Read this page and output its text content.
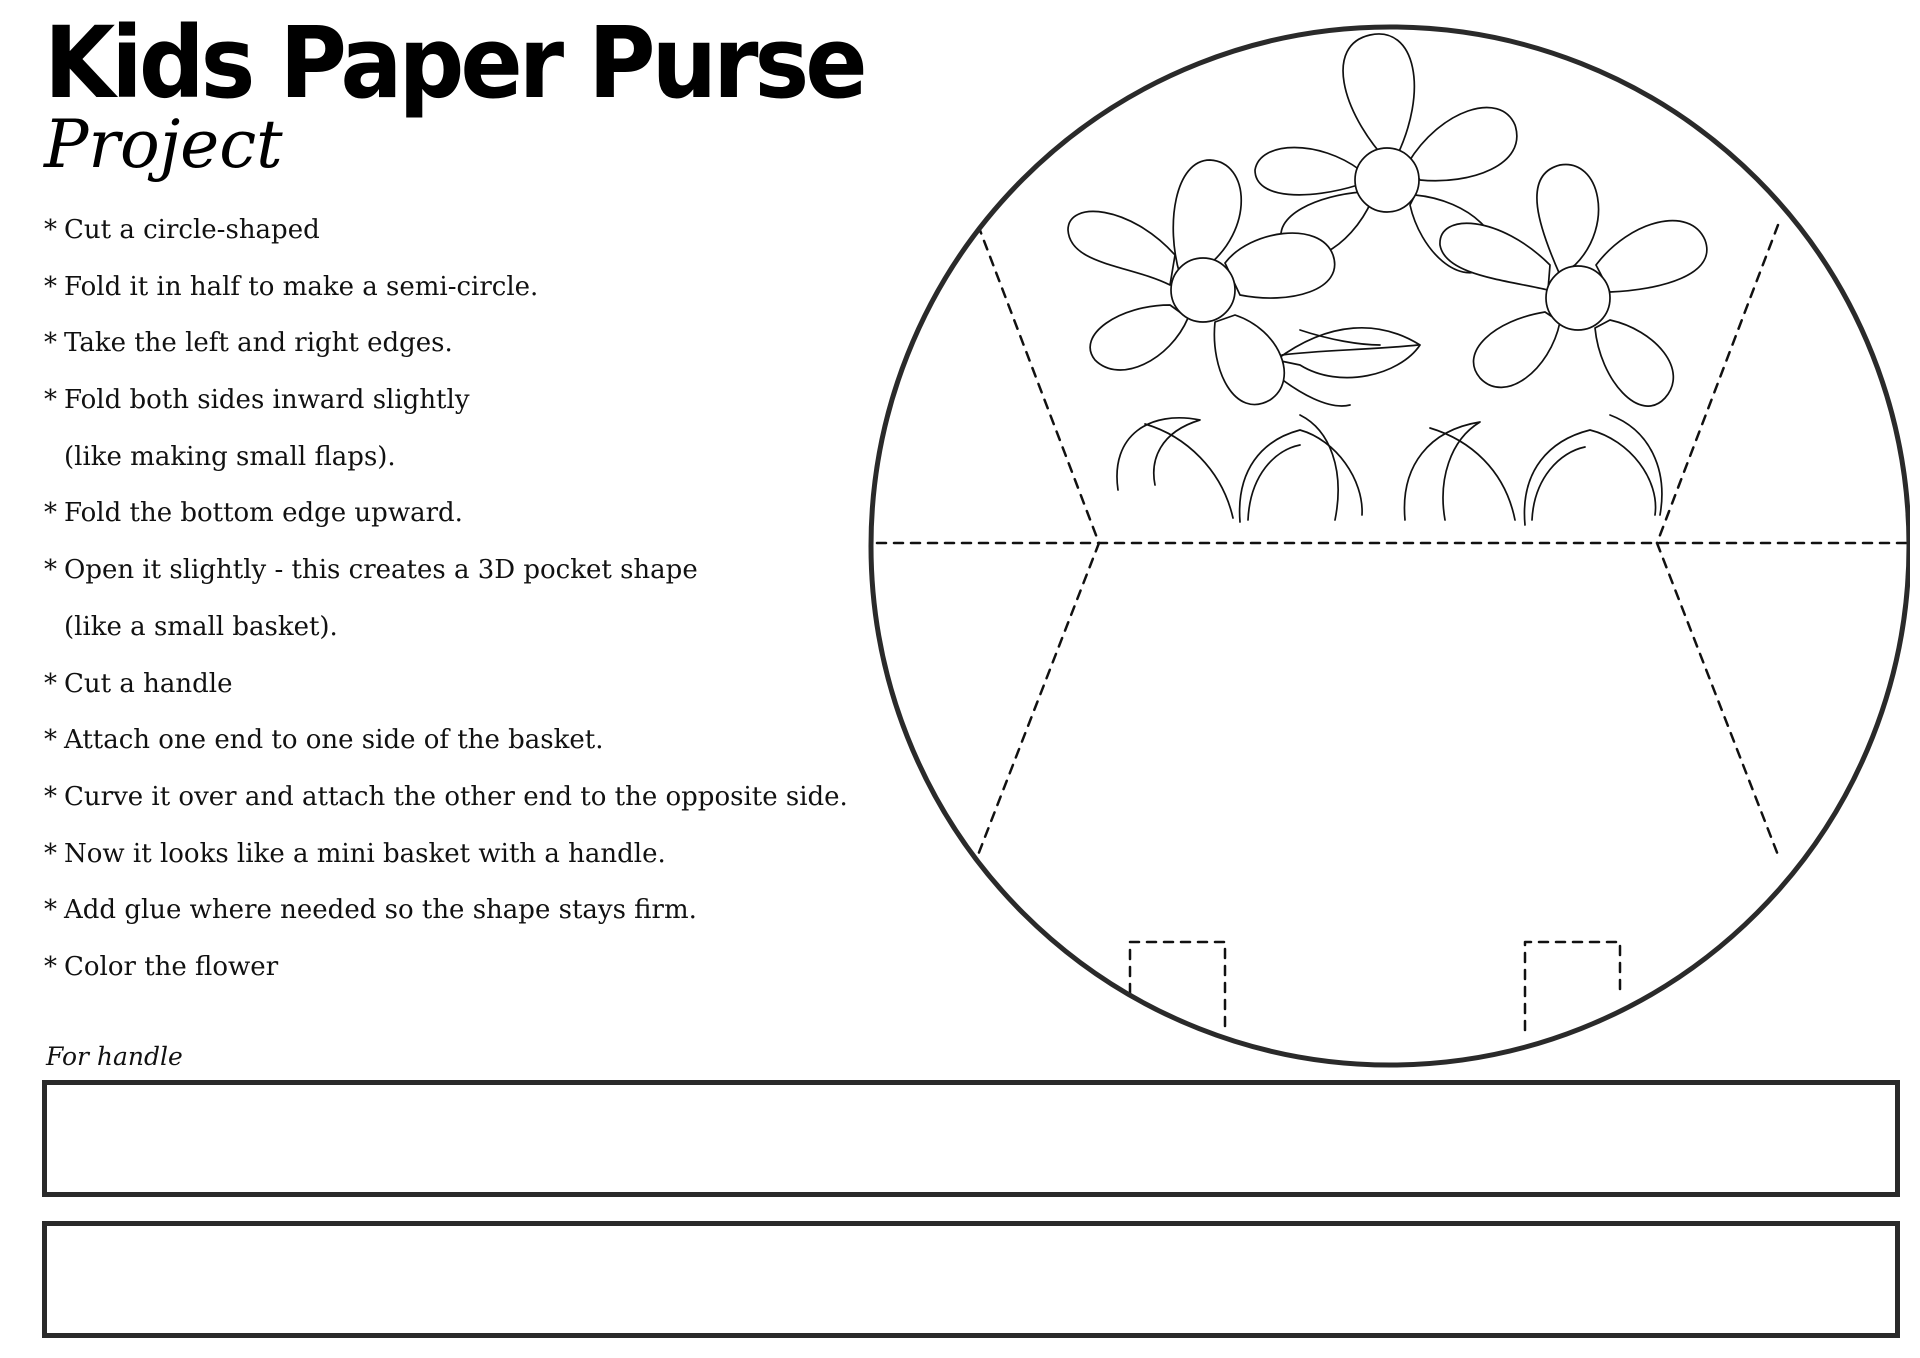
Kids Paper Purse
Project
* Cut a circle-shaped
* Fold it in half to make a semi-circle.
* Take the left and right edges.
* Fold both sides inward slightly
(like making small flaps).
* Fold the bottom edge upward.
* Open it slightly - this creates a 3D pocket shape
(like a small basket).
* Cut a handle
* Attach one end to one side of the basket.
* Curve it over and attach the other end to the opposite side.
* Now it looks like a mini basket with a handle.
* Add glue where needed so the shape stays firm.
* Color the flower
For handle
